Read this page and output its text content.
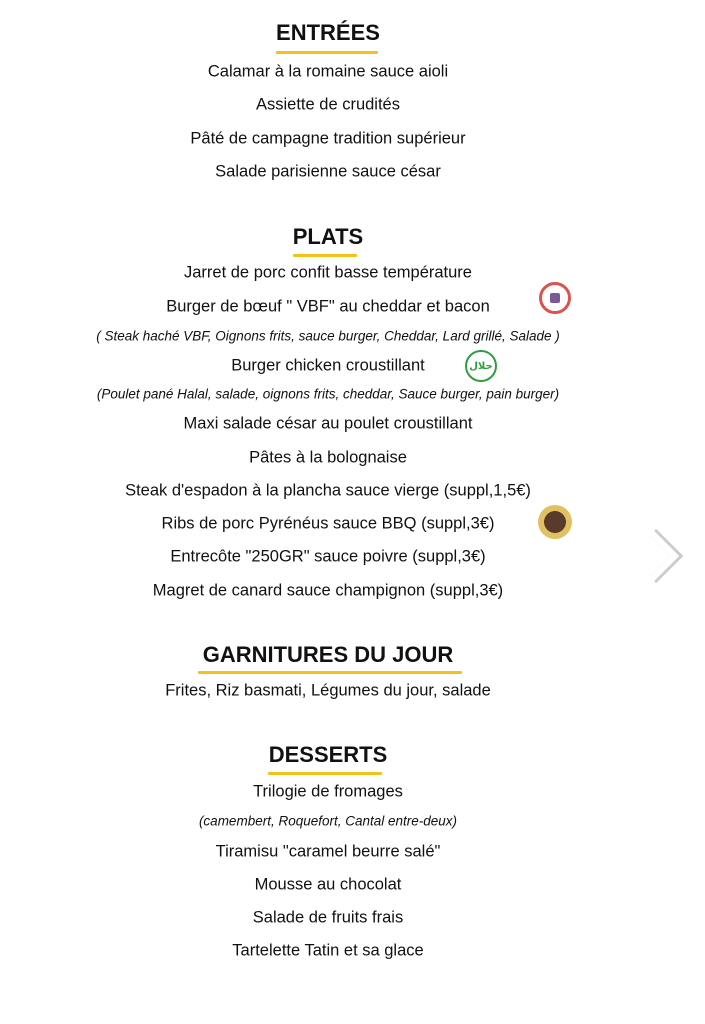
ENTRÉES
Calamar à la romaine sauce aioli
Assiette de crudités
Pâté de campagne tradition supérieur
Salade parisienne sauce césar
PLATS
Jarret de porc confit basse température
Burger de bœuf " VBF" au cheddar et bacon
( Steak haché VBF, Oignons frits, sauce burger, Cheddar, Lard grillé, Salade )
Burger chicken croustillant
(Poulet pané Halal, salade, oignons frits, cheddar, Sauce burger, pain burger)
Maxi salade césar au poulet croustillant
Pâtes à la bolognaise
Steak d'espadon à la plancha sauce vierge (suppl,1,5€)
Ribs de porc Pyrénéus sauce BBQ (suppl,3€)
Entrecôte "250GR" sauce poivre (suppl,3€)
Magret de canard sauce champignon (suppl,3€)
حلال
GARNITURES DU JOUR
Frites, Riz basmati, Légumes du jour, salade
DESSERTS
Trilogie de fromages
(camembert, Roquefort, Cantal entre-deux)
Tiramisu "caramel beurre salé"
Mousse au chocolat
Salade de fruits frais
Tartelette Tatin et sa glace
